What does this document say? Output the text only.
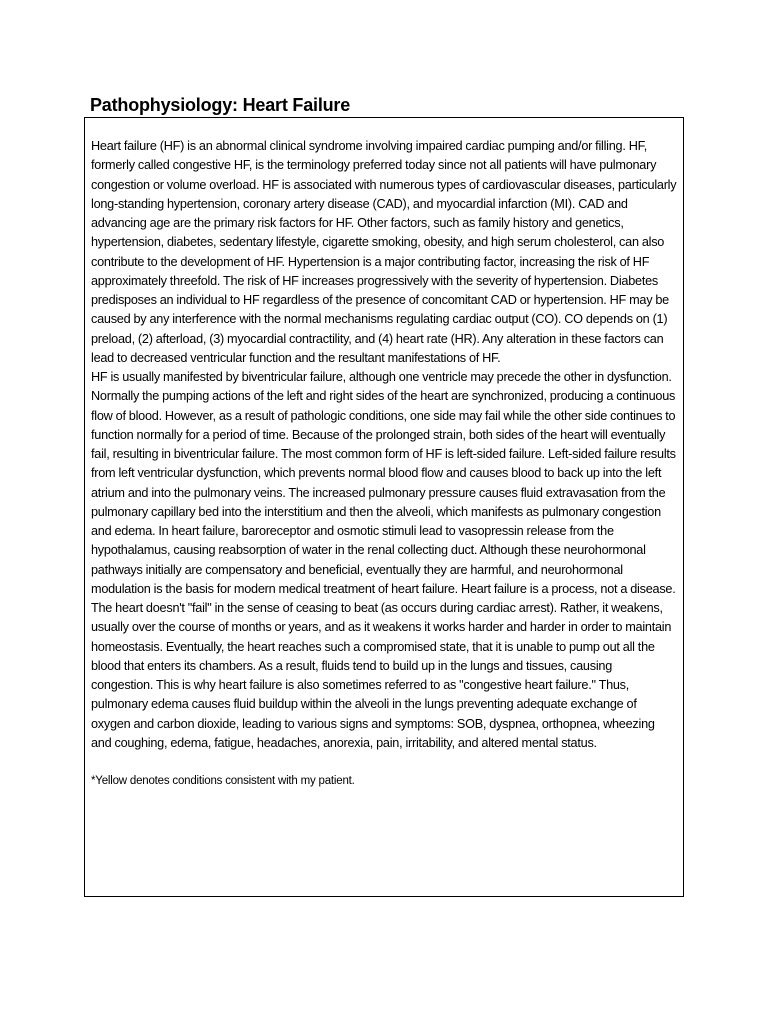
Pathophysiology: Heart Failure

Heart failure (HF) is an abnormal clinical syndrome involving impaired cardiac pumping and/or filling. HF, formerly called congestive HF, is the terminology preferred today since not all patients will have pulmonary congestion or volume overload. HF is associated with numerous types of cardiovascular diseases, particularly long-standing hypertension, coronary artery disease (CAD), and myocardial infarction (MI). CAD and advancing age are the primary risk factors for HF. Other factors, such as family history and genetics, hypertension, diabetes, sedentary lifestyle, cigarette smoking, obesity, and high serum cholesterol, can also contribute to the development of HF. Hypertension is a major contributing factor, increasing the risk of HF approximately threefold. The risk of HF increases progressively with the severity of hypertension. Diabetes predisposes an individual to HF regardless of the presence of concomitant CAD or hypertension. HF may be caused by any interference with the normal mechanisms regulating cardiac output (CO). CO depends on (1) preload, (2) afterload, (3) myocardial contractility, and (4) heart rate (HR). Any alteration in these factors can lead to decreased ventricular function and the resultant manifestations of HF.

HF is usually manifested by biventricular failure, although one ventricle may precede the other in dysfunction. Normally the pumping actions of the left and right sides of the heart are synchronized, producing a continuous flow of blood. However, as a result of pathologic conditions, one side may fail while the other side continues to function normally for a period of time. Because of the prolonged strain, both sides of the heart will eventually fail, resulting in biventricular failure. The most common form of HF is left-sided failure. Left-sided failure results from left ventricular dysfunction, which prevents normal blood flow and causes blood to back up into the left atrium and into the pulmonary veins. The increased pulmonary pressure causes fluid extravasation from the pulmonary capillary bed into the interstitium and then the alveoli, which manifests as pulmonary congestion and edema. In heart failure, baroreceptor and osmotic stimuli lead to vasopressin release from the hypothalamus, causing reabsorption of water in the renal collecting duct. Although these neurohormonal pathways initially are compensatory and beneficial, eventually they are harmful, and neurohormonal modulation is the basis for modern medical treatment of heart failure. Heart failure is a process, not a disease. The heart doesn't "fail" in the sense of ceasing to beat (as occurs during cardiac arrest). Rather, it weakens, usually over the course of months or years, and as it weakens it works harder and harder in order to maintain homeostasis. Eventually, the heart reaches such a compromised state, that it is unable to pump out all the blood that enters its chambers. As a result, fluids tend to build up in the lungs and tissues, causing congestion. This is why heart failure is also sometimes referred to as "congestive heart failure." Thus, pulmonary edema causes fluid buildup within the alveoli in the lungs preventing adequate exchange of oxygen and carbon dioxide, leading to various signs and symptoms: SOB, dyspnea, orthopnea, wheezing and coughing, edema, fatigue, headaches, anorexia, pain, irritability, and altered mental status.

*Yellow denotes conditions consistent with my patient.
